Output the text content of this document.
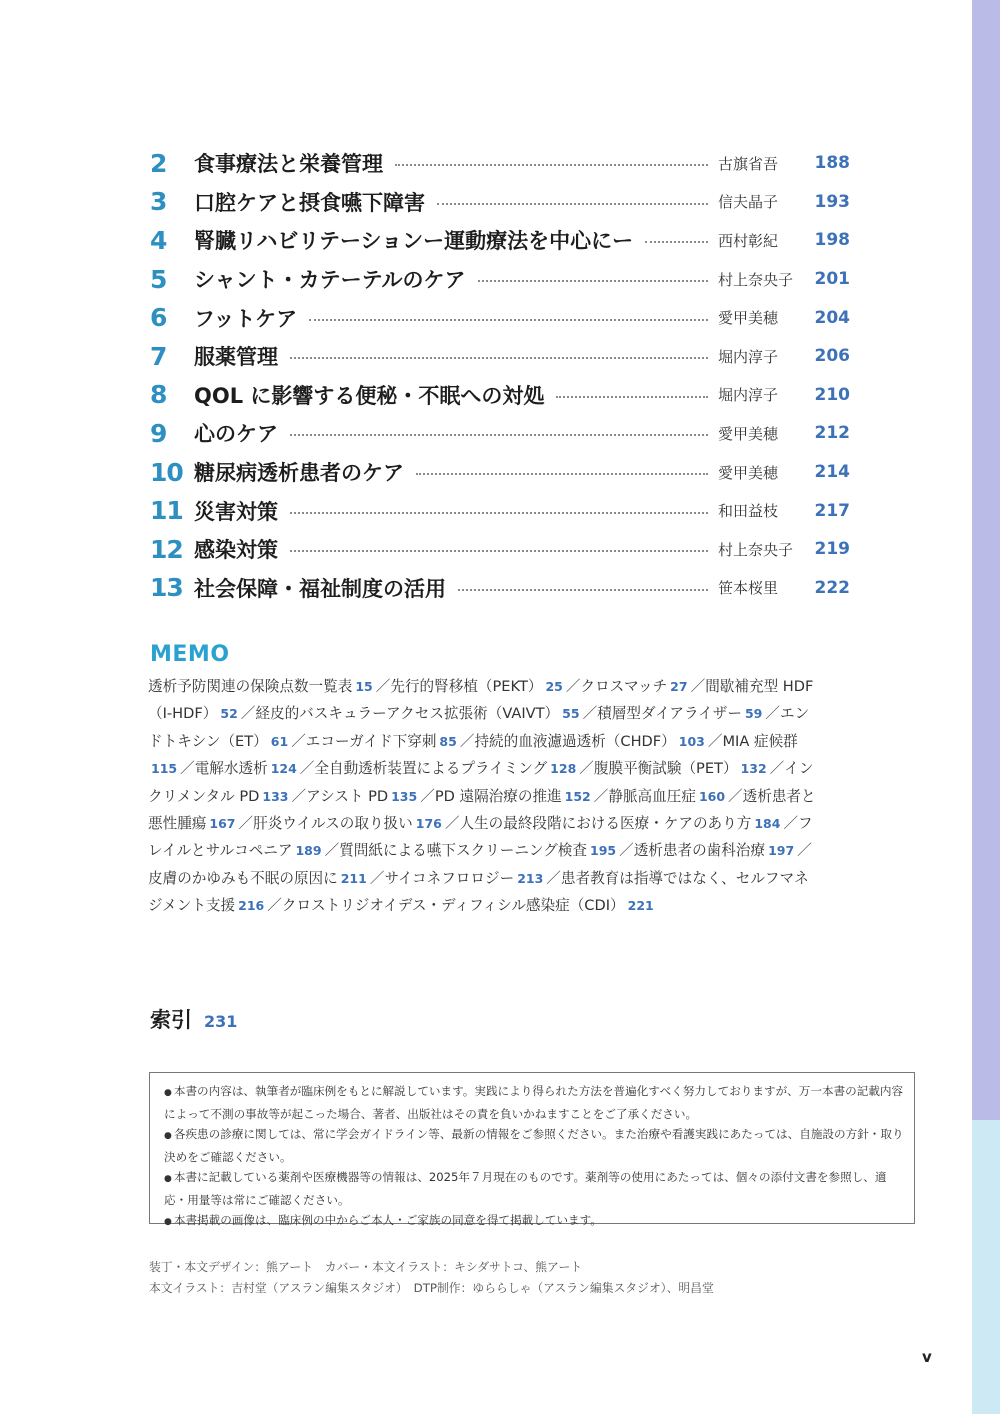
2	食事療法と栄養管理	古旗省吾	188
3	口腔ケアと摂食嚥下障害	信夫晶子	193
4	腎臓リハビリテーションー運動療法を中心にー	西村彰紀	198
5	シャント・カテーテルのケア	村上奈央子	201
6	フットケア	愛甲美穂	204
7	服薬管理	堀内淳子	206
8	QOL に影響する便秘・不眠への対処	堀内淳子	210
9	心のケア	愛甲美穂	212
10 糖尿病透析患者のケア	愛甲美穂	214
11 災害対策	和田益枝	217
12 感染対策	村上奈央子	219
13 社会保障・福祉制度の活用	笹本桜里	222
MEMO
透析予防関連の保険点数一覧表 15 ／先行的腎移植（PEKT） 25 ／クロスマッチ 27 ／間歇補充型 HDF（I-HDF） 52 ／経皮的バスキュラーアクセス拡張術（VAIVT） 55 ／積層型ダイアライザー 59 ／エンドトキシン（ET） 61 ／エコーガイド下穿刺 85 ／持続的血液濾過透析（CHDF） 103 ／MIA 症候群115 ／電解水透析 124 ／全自動透析装置によるプライミング 128 ／腹膜平衡試験（PET） 132 ／インクリメンタル PD 133 ／アシスト PD 135 ／PD 遠隔治療の推進 152 ／静脈高血圧症 160 ／透析患者と悪性腫瘍 167 ／肝炎ウイルスの取り扱い 176 ／人生の最終段階における医療・ケアのあり方 184 ／フレイルとサルコペニア 189 ／質問紙による嚥下スクリーニング検査 195 ／透析患者の歯科治療 197 ／皮膚のかゆみも不眠の原因に 211 ／サイコネフロロジー 213 ／患者教育は指導ではなく、セルフマネジメント支援 216 ／クロストリジオイデス・ディフィシル感染症（CDI） 221
索引 231
● 本書の内容は、執筆者が臨床例をもとに解説しています。実践により得られた方法を普遍化すべく努力しておりますが、万一本書の記載内容によって不測の事故等が起こった場合、著者、出版社はその責を負いかねますことをご了承ください。
● 各疾患の診療に関しては、常に学会ガイドライン等、最新の情報をご参照ください。また治療や看護実践にあたっては、自施設の方針・取り決めをご確認ください。
● 本書に記載している薬剤や医療機器等の情報は、2025年７月現在のものです。薬剤等の使用にあたっては、個々の添付文書を参照し、適応・用量等は常にご確認ください。
● 本書掲載の画像は、臨床例の中からご本人・ご家族の同意を得て掲載しています。
装丁・本文デザイン：熊アート　カバー・本文イラスト：キシダサトコ、熊アート
本文イラスト：吉村堂（アスラン編集スタジオ）　DTP制作：ゆららしゃ（アスラン編集スタジオ）、明昌堂
v
